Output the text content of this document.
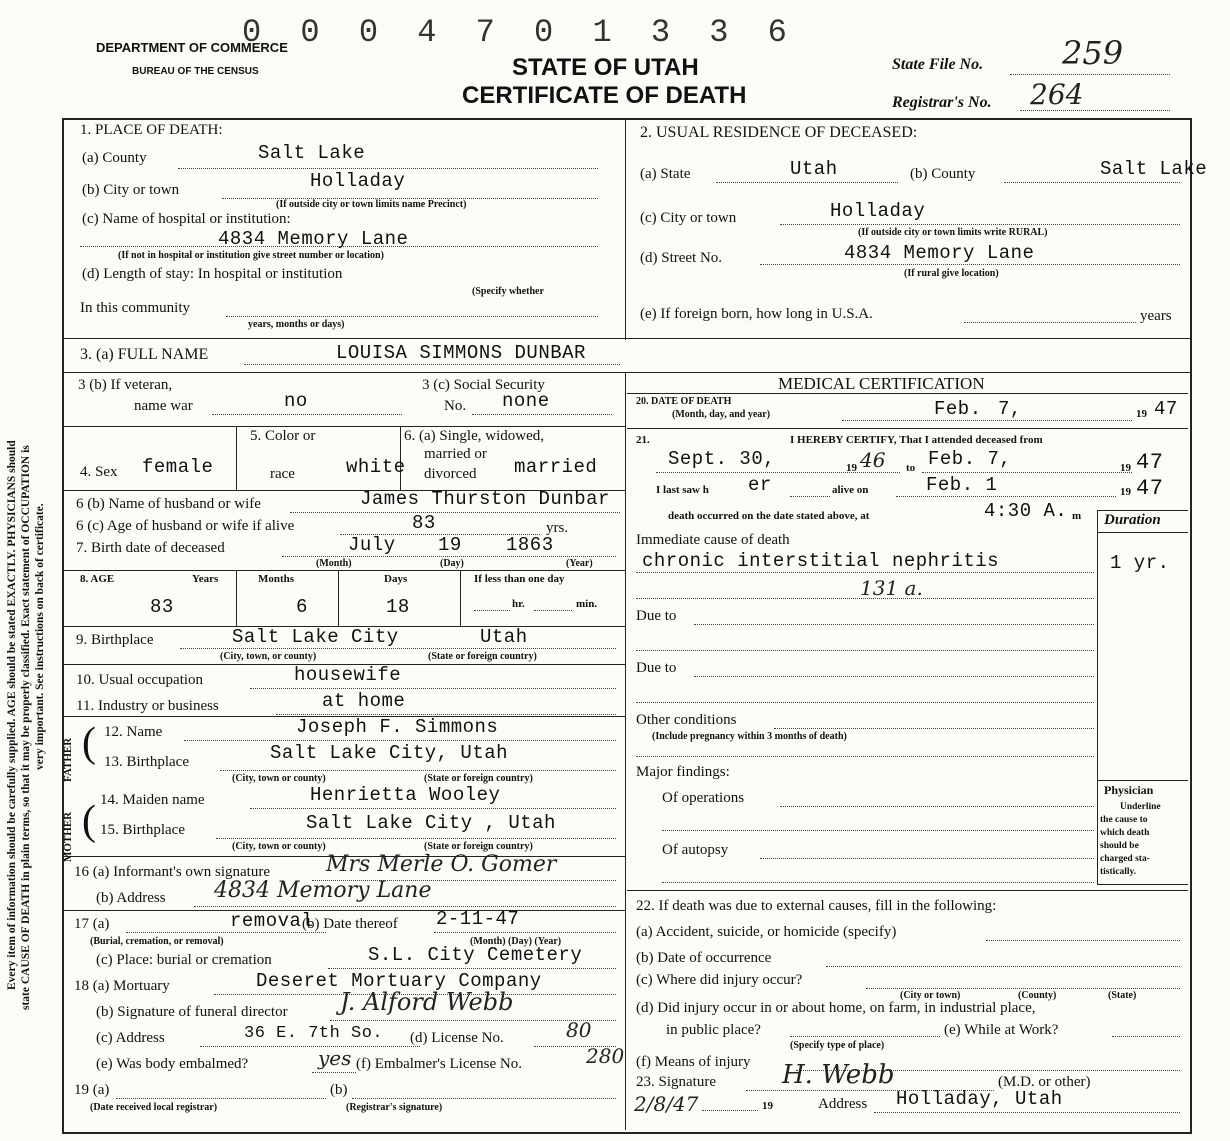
0 0 0 4 7 0 1 3 3 6
DEPARTMENT OF COMMERCE
BUREAU OF THE CENSUS	STATE OF UTAH
CERTIFICATE OF DEATH
State File No. 259
Registrar's No. 264
Every item of information should be carefully supplied. AGE should be stated EXACTLY. PHYSICIANS should state CAUSE OF DEATH in plain terms, so that it may be properly classified. Exact statement of OCCUPATION is very important. See instructions on back of certificate.
1. PLACE OF DEATH:
(a) County	Salt Lake
(b) City or town	Holladay
(If outside city or town limits name Precinct)
(c) Name of hospital or institution:
4834 Memory Lane
(If not in hospital or institution give street number or location)
(d) Length of stay: In hospital or institution
(Specify whether
In this community
years, months or days)
2. USUAL RESIDENCE OF DECEASED:
(a) State	Utah	(b) County	Salt Lake
(c) City or town	Holladay
(If outside city or town limits write RURAL)
(d) Street No.	4834 Memory Lane
(If rural give location)
(e) If foreign born, how long in U.S.A.	years
3. (a) FULL NAME	LOUISA SIMMONS DUNBAR
3 (b) If veteran,
name war	no
3 (c) Social Security
No. none
4. Sex female
5. Color or
race	white
6. (a) Single, widowed,
married or
divorced married
6 (b) Name of husband or wife	James Thurston Dunbar
6 (c) Age of husband or wife if alive	83	yrs.
7. Birth date of deceased	July 19 1863
(Month)	(Day)	(Year)
8. AGE	Years	Months	Days	If less than one day
83	6	18	hr.	min.
9. Birthplace	Salt Lake City	Utah
(City, town, or county)	(State or foreign country)
10. Usual occupation	housewife
11. Industry or business	at home
FATHER
MOTHER
(
(
12. Name	Joseph F. Simmons
13. Birthplace	Salt Lake City, Utah
(City, town or county)	(State or foreign country)
14. Maiden name	Henrietta Wooley
15. Birthplace	Salt Lake City , Utah
(City, town or county)	(State or foreign country)
16 (a) Informant's own signature	Mrs Merle O. Gomer
(b) Address 4834 Memory Lane
17 (a)	removal
(b) Date thereof 2-11-47
(Burial, cremation, or removal)	(Month) (Day) (Year)
(c) Place: burial or cremation	S.L. City Cemetery
18 (a) Mortuary	Deseret Mortuary Company
(b) Signature of funeral director J. Alford Webb
(c) Address	36 E. 7th So. (d) License No.	80
(e) Was body embalmed?	yes (f) Embalmer's License No.	280
19 (a)	(b)
(Date received local registrar)	(Registrar's signature)
MEDICAL CERTIFICATION
20. DATE OF DEATH
(Month, day, and year)	Feb. 7,	19 47
21.	I HEREBY CERTIFY, That I attended deceased from
Sept. 30,	19 46 to Feb. 7,	19 47
I last saw h er	alive on	Feb. 1	19 47
death occurred on the date stated above, at	4:30 A. m Duration
Immediate cause of death
chronic interstitial nephritis	1 yr.
131 a.
Due to
Due to
Other conditions
(Include pregnancy within 3 months of death)
Major findings:
Of operations
Of autopsy
Physician
Underline
the cause to
which death
should be
charged sta-
tistically.
22. If death was due to external causes, fill in the following:
(a) Accident, suicide, or homicide (specify)
(b) Date of occurrence
(c) Where did injury occur?
(City or town)	(County)	(State)
(d) Did injury occur in or about home, on farm, in industrial place,
in public place?	(e) While at Work?
(Specify type of place)
(f) Means of injury
23. Signature	H. Webb	(M.D. or other)
2/8/47	19	Address Holladay, Utah
